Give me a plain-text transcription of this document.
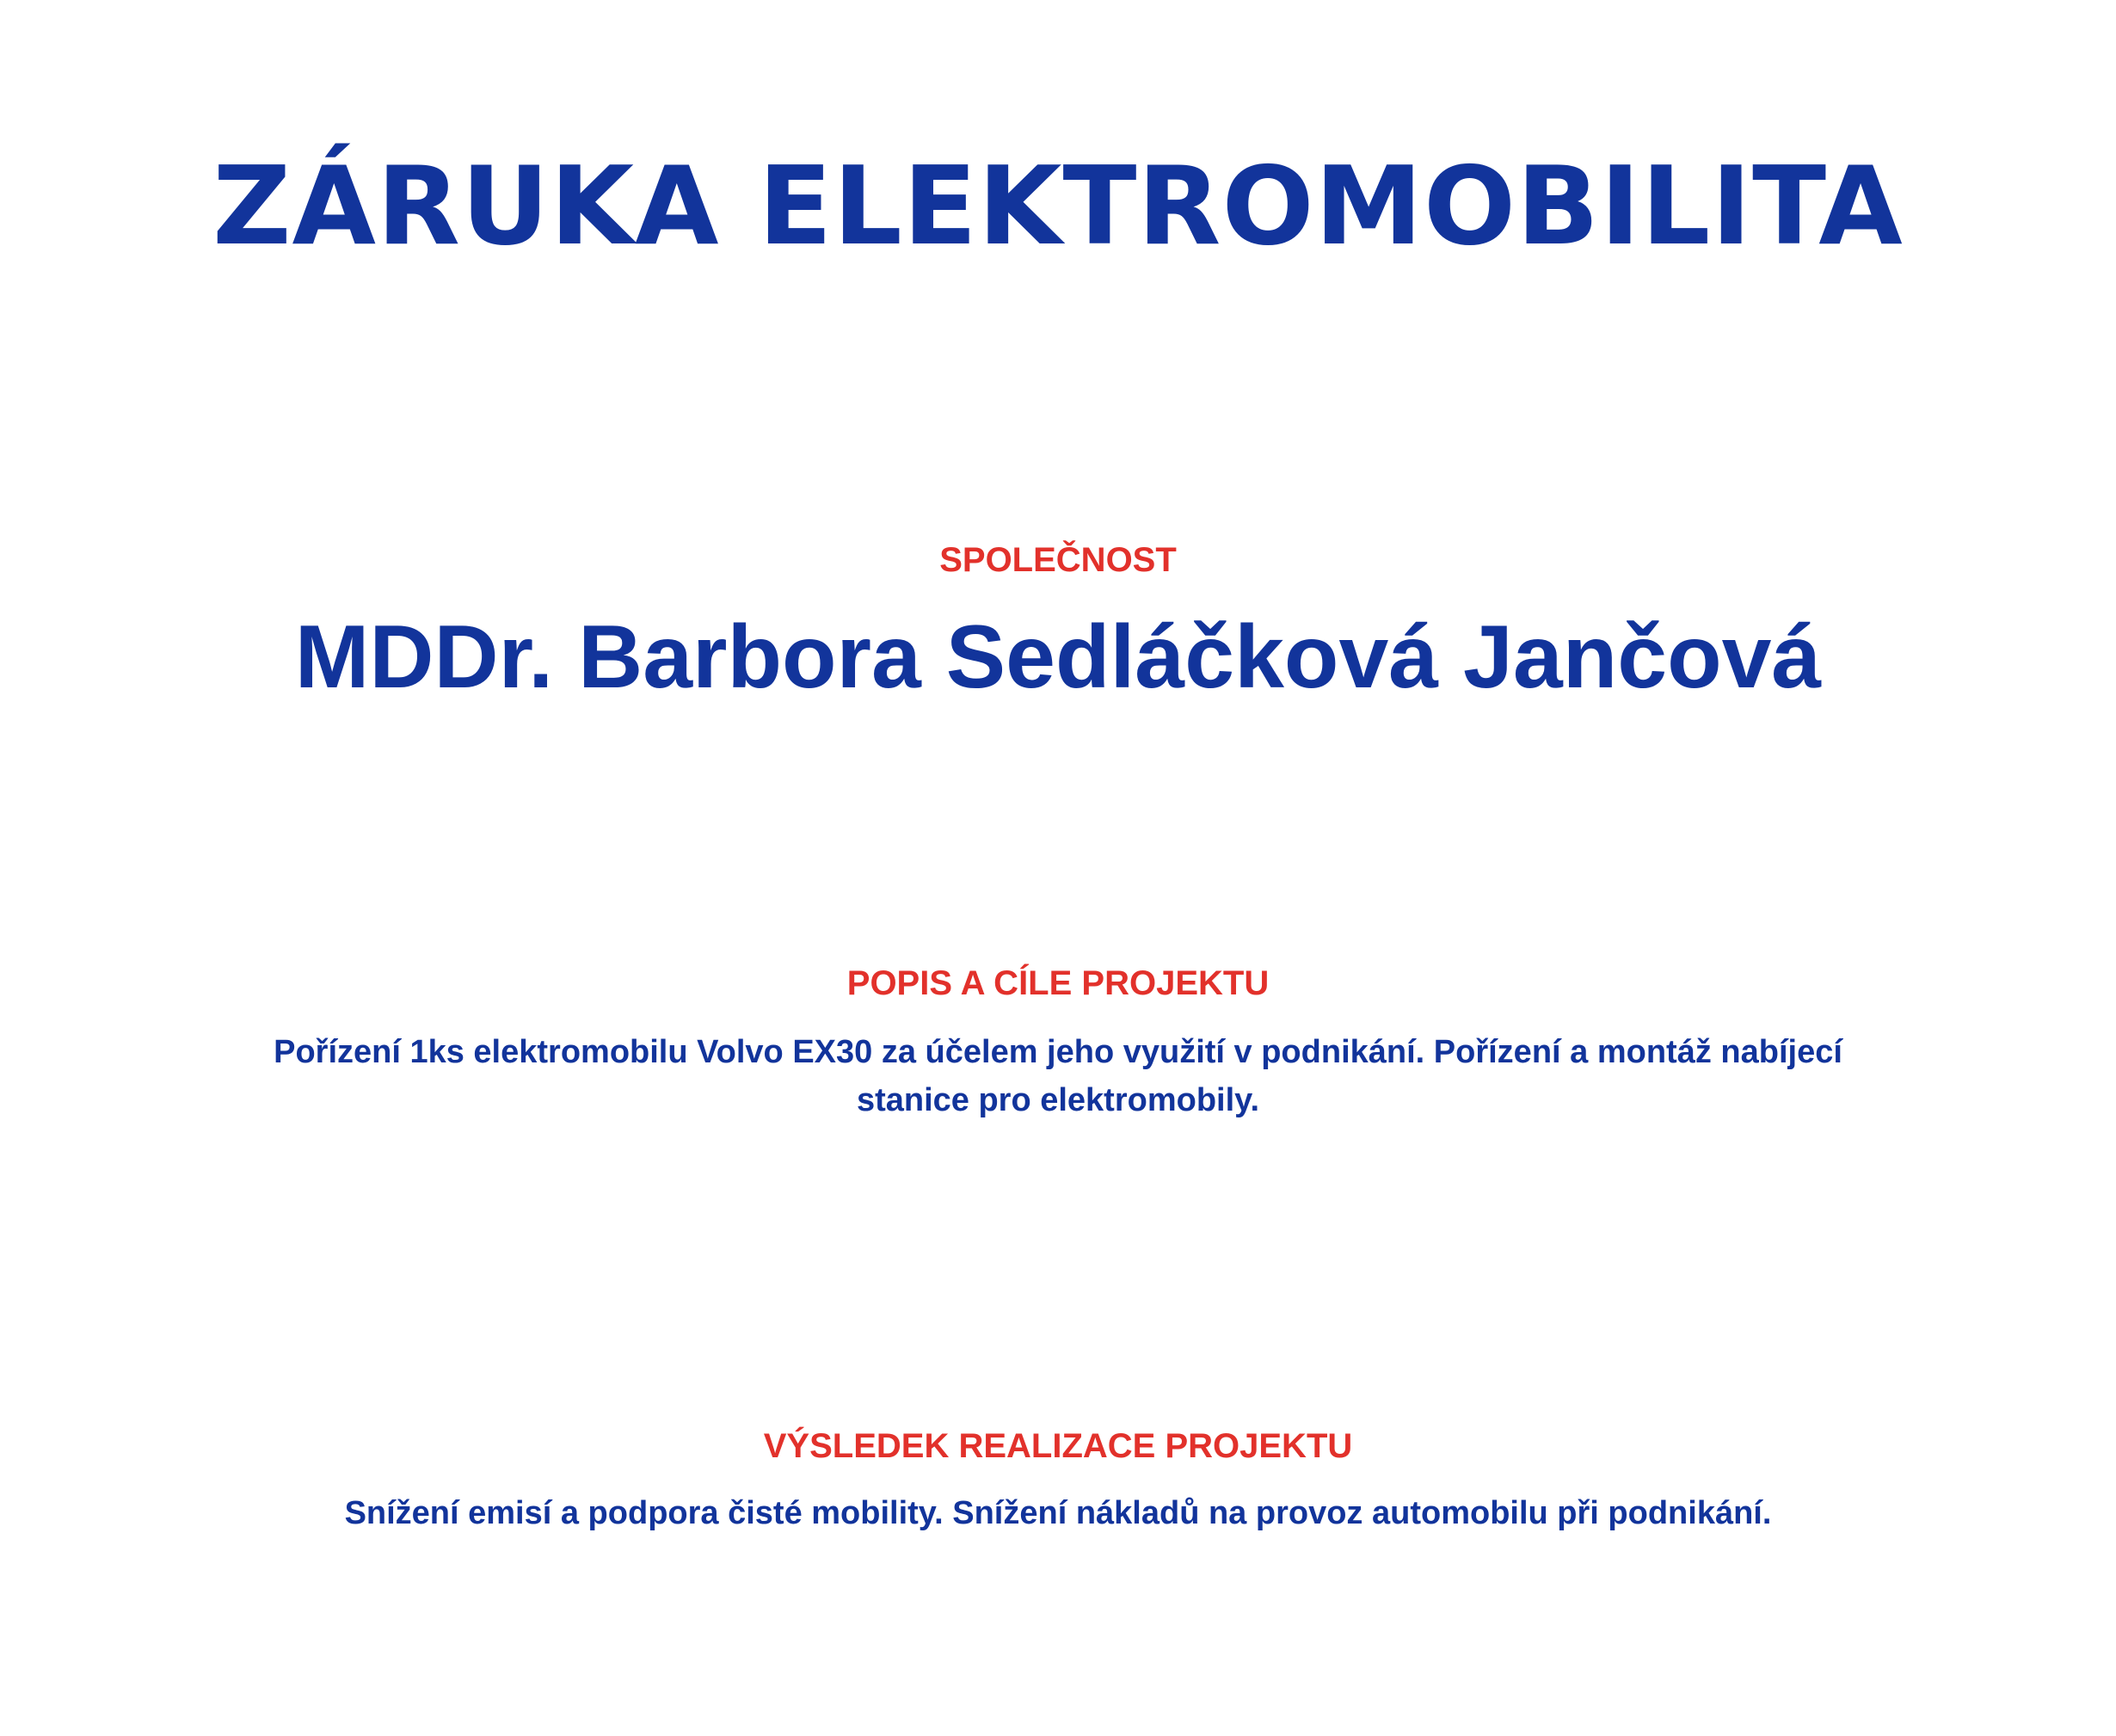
ZÁRUKA ELEKTROMOBILITA
SPOLEČNOST
MDDr. Barbora Sedláčková Jančová
POPIS A CÍLE PROJEKTU
Pořízení 1ks elektromobilu Volvo EX30 za účelem jeho využití v podnikání. Pořízení a montáž nabíjecí stanice pro elektromobily.
VÝSLEDEK REALIZACE PROJEKTU
Snížení emisí a podpora čisté mobility. Snížení nákladů na provoz automobilu při podnikání.
